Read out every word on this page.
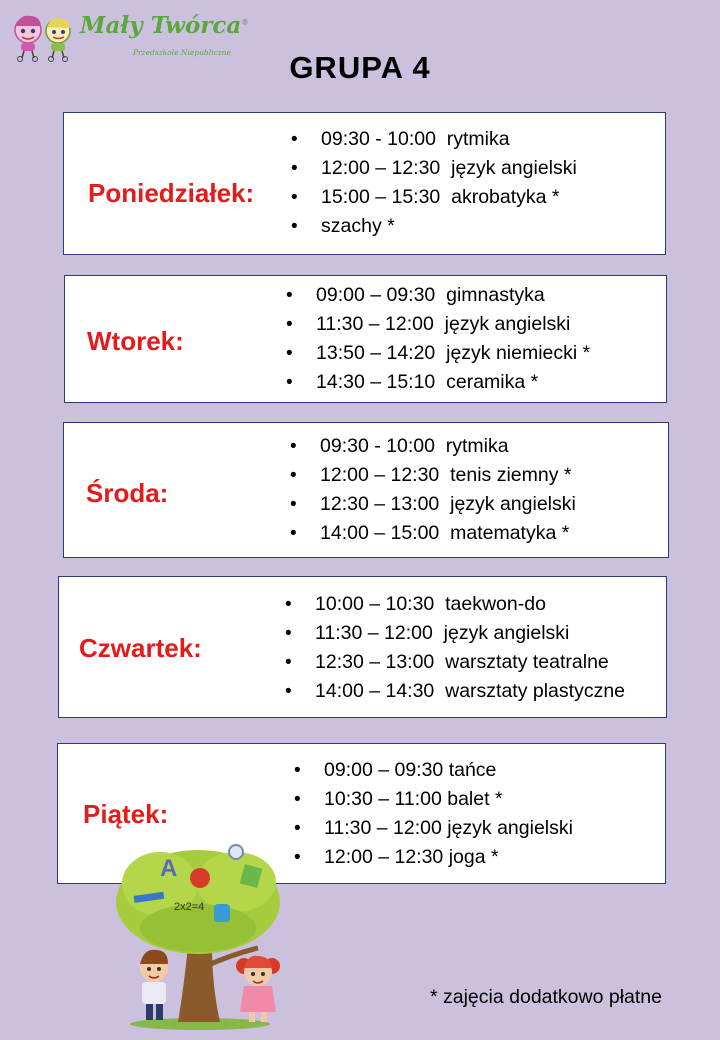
Mały Twórca®
Przedszkole Niepubliczne	GRUPA 4
Poniedziałek:
• 09:30 - 10:00  rytmika
• 12:00 – 12:30  język angielski
• 15:00 – 15:30  akrobatyka *
• szachy *
Wtorek:
• 09:00 – 09:30  gimnastyka
• 11:30 – 12:00  język angielski
• 13:50 – 14:20  język niemiecki *
• 14:30 – 15:10  ceramika *
Środa:
• 09:30 - 10:00  rytmika
• 12:00 – 12:30  tenis ziemny *
• 12:30 – 13:00  język angielski
• 14:00 – 15:00  matematyka *
Czwartek:
• 10:00 – 10:30  taekwon-do
• 11:30 – 12:00  język angielski
• 12:30 – 13:00  warsztaty teatralne
• 14:00 – 14:30  warsztaty plastyczne
Piątek:
• 09:00 – 09:30 tańce
• 10:30 – 11:00 balet *
• 11:30 – 12:00 język angielski
• 12:00 – 12:30 joga *
A
2x2=4
* zajęcia dodatkowo płatne
